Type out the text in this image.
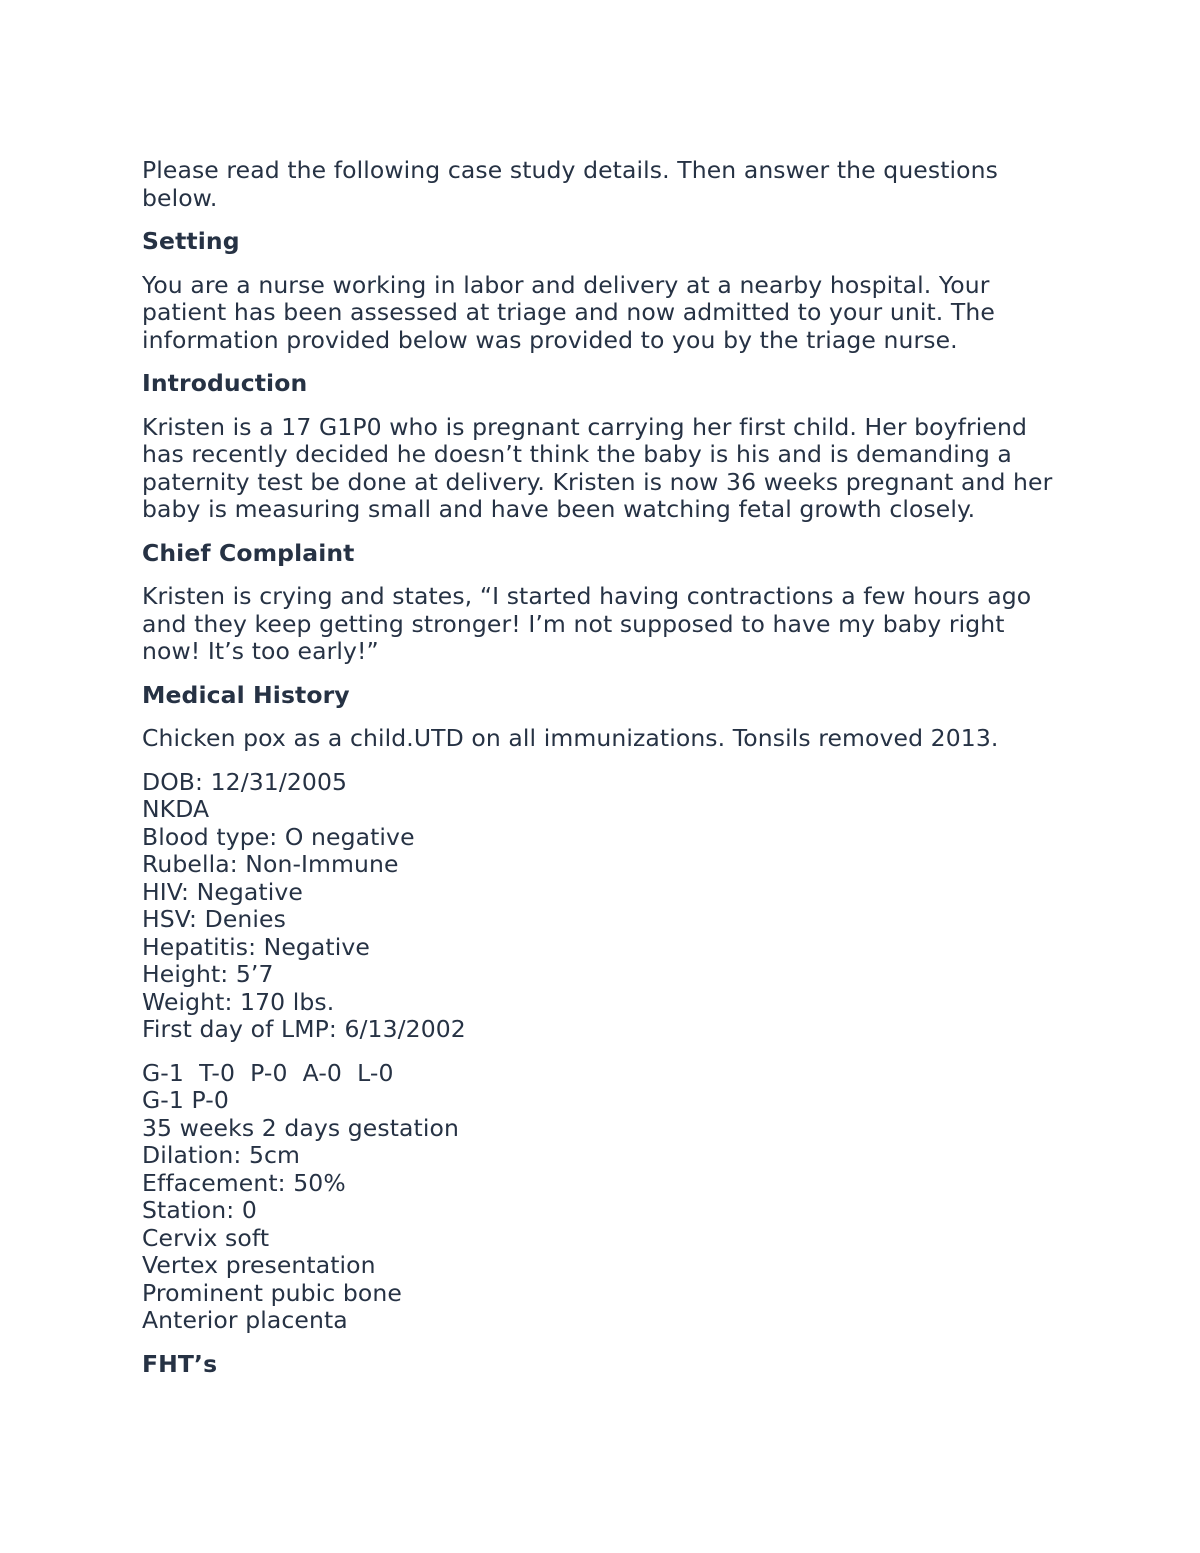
Please read the following case study details. Then answer the questions
below.

Setting

You are a nurse working in labor and delivery at a nearby hospital. Your
patient has been assessed at triage and now admitted to your unit. The
information provided below was provided to you by the triage nurse.

Introduction

Kristen is a 17 G1P0 who is pregnant carrying her first child. Her boyfriend
has recently decided he doesn’t think the baby is his and is demanding a
paternity test be done at delivery. Kristen is now 36 weeks pregnant and her
baby is measuring small and have been watching fetal growth closely.

Chief Complaint

Kristen is crying and states, “I started having contractions a few hours ago
and they keep getting stronger! I’m not supposed to have my baby right
now! It’s too early!”

Medical History

Chicken pox as a child.UTD on all immunizations. Tonsils removed 2013.

DOB: 12/31/2005
NKDA
Blood type: O negative
Rubella: Non-Immune
HIV: Negative
HSV: Denies
Hepatitis: Negative
Height: 5’7
Weight: 170 lbs.
First day of LMP: 6/13/2002
G-1  T-0  P-0  A-0  L-0
G-1 P-0
35 weeks 2 days gestation
Dilation: 5cm
Effacement: 50%
Station: 0
Cervix soft
Vertex presentation
Prominent pubic bone
Anterior placenta

FHT’s
